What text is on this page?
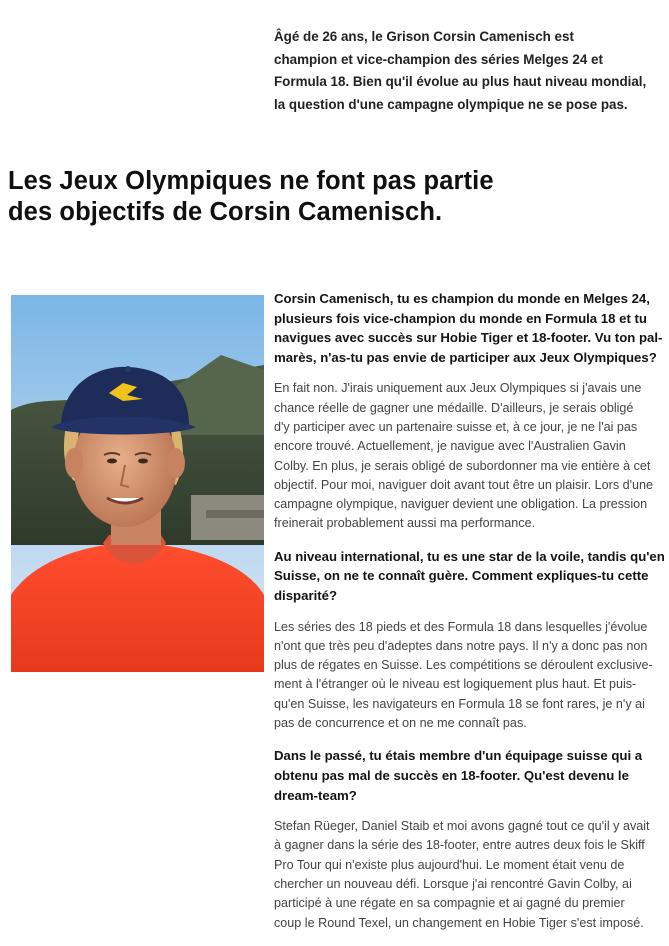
Âgé de 26 ans, le Grison Corsin Camenisch est

champion et vice-champion des séries Melges 24 et

Formula 18. Bien qu'il évolue au plus haut niveau mondial,

la question d'une campagne olympique ne se pose pas.

Les Jeux Olympiques ne font pas partie
des objectifs de Corsin Camenisch.
Corsin Camenisch, tu es champion du monde en Melges 24,
plusieurs fois vice-champion du monde en Formula 18 et tu
navigues avec succès sur Hobie Tiger et 18-footer. Vu ton pal-
marès, n'as-tu pas envie de participer aux Jeux Olympiques?
En fait non. J'irais uniquement aux Jeux Olympiques si j'avais une
chance réelle de gagner une médaille. D'ailleurs, je serais obligé
d'y participer avec un partenaire suisse et, à ce jour, je ne l'ai pas
encore trouvé. Actuellement, je navigue avec l'Australien Gavin
Colby. En plus, je serais obligé de subordonner ma vie entière à cet
objectif. Pour moi, naviguer doit avant tout être un plaisir. Lors d'une
campagne olympique, naviguer devient une obligation. La pression
freinerait probablement aussi ma performance.
Au niveau international, tu es une star de la voile, tandis qu'en
Suisse, on ne te connaît guère. Comment expliques-tu cette
disparité?
Les séries des 18 pieds et des Formula 18 dans lesquelles j'évolue
n'ont que très peu d'adeptes dans notre pays. Il n'y a donc pas non
plus de régates en Suisse. Les compétitions se déroulent exclusive-
ment à l'étranger où le niveau est logiquement plus haut. Et puis-
qu'en Suisse, les navigateurs en Formula 18 se font rares, je n'y ai
pas de concurrence et on ne me connaît pas.
Dans le passé, tu étais membre d'un équipage suisse qui a
obtenu pas mal de succès en 18-footer. Qu'est devenu le
dream-team?
Stefan Rüeger, Daniel Staib et moi avons gagné tout ce qu'il y avait
à gagner dans la série des 18-footer, entre autres deux fois le Skiff
Pro Tour qui n'existe plus aujourd'hui. Le moment était venu de
chercher un nouveau défi. Lorsque j'ai rencontré Gavin Colby, ai
participé à une régate en sa compagnie et ai gagné du premier
coup le Round Texel, un changement en Hobie Tiger s'est imposé.
